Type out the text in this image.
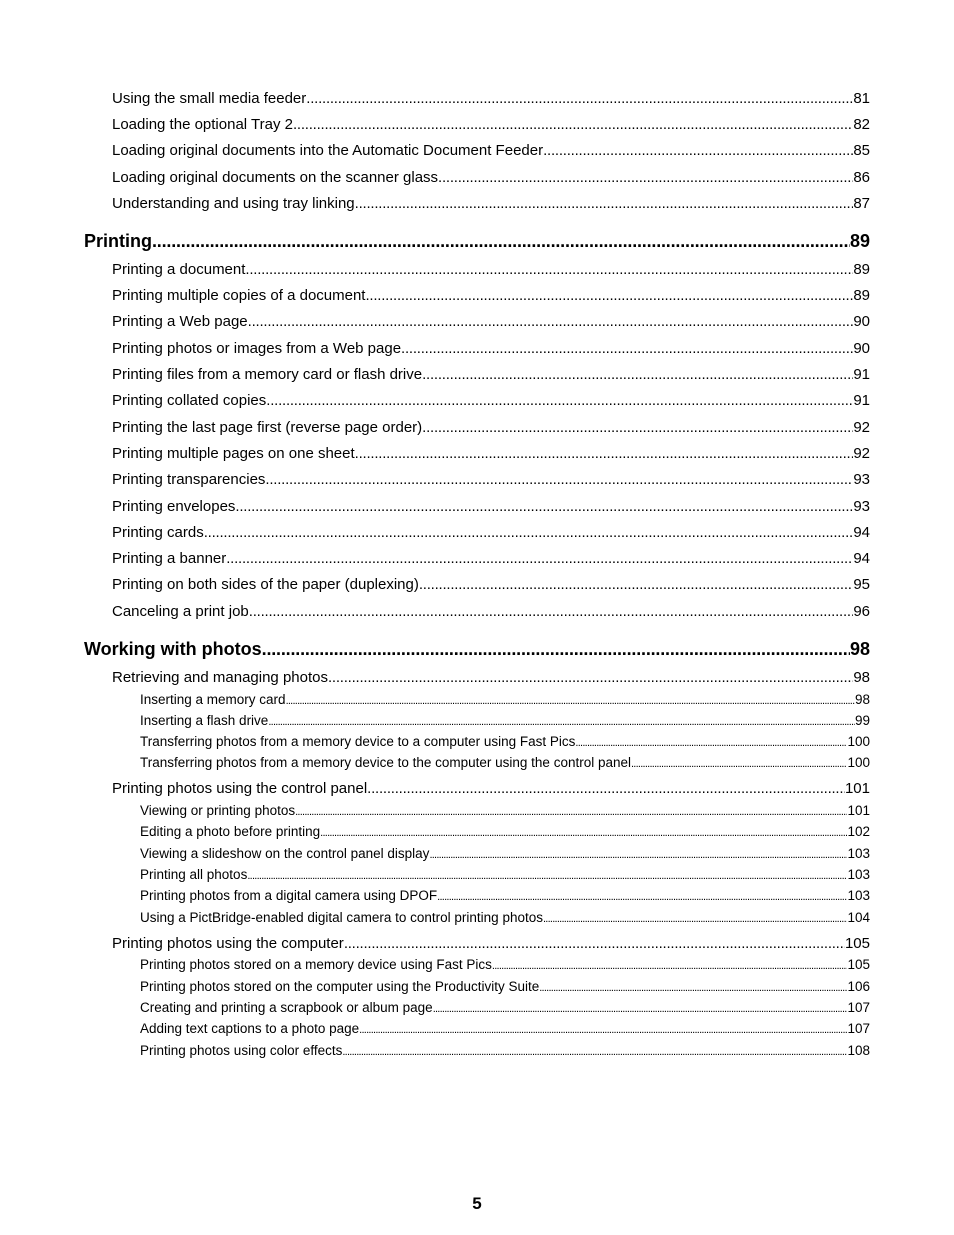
Using the small media feeder . . .	81
Loading the optional Tray 2 . . .	82
Loading original documents into the Automatic Document Feeder . . .	85
Loading original documents on the scanner glass . . .	86
Understanding and using tray linking . . .	87
Printing . . .	89
Printing a document . . .	89
Printing multiple copies of a document . . .	89
Printing a Web page . . .	90
Printing photos or images from a Web page . . .	90
Printing files from a memory card or flash drive . . .	91
Printing collated copies . . .	91
Printing the last page first (reverse page order) . . .	92
Printing multiple pages on one sheet . . .	92
Printing transparencies . . .	93
Printing envelopes . . .	93
Printing cards . . .	94
Printing a banner . . .	94
Printing on both sides of the paper (duplexing) . . .	95
Canceling a print job . . .	96
Working with photos . . .	98
Retrieving and managing photos . . .	98
Inserting a memory card . . .	98
Inserting a flash drive . . .	99
Transferring photos from a memory device to a computer using Fast Pics . . .	100
Transferring photos from a memory device to the computer using the control panel . . .	100
Printing photos using the control panel . . .	101
Viewing or printing photos . . .	101
Editing a photo before printing . . .	102
Viewing a slideshow on the control panel display . . .	103
Printing all photos . . .	103
Printing photos from a digital camera using DPOF . . .	103
Using a PictBridge-enabled digital camera to control printing photos . . .	104
Printing photos using the computer . . .	105
Printing photos stored on a memory device using Fast Pics . . .	105
Printing photos stored on the computer using the Productivity Suite . . .	106
Creating and printing a scrapbook or album page . . .	107
Adding text captions to a photo page . . .	107
Printing photos using color effects . . .	108
5
